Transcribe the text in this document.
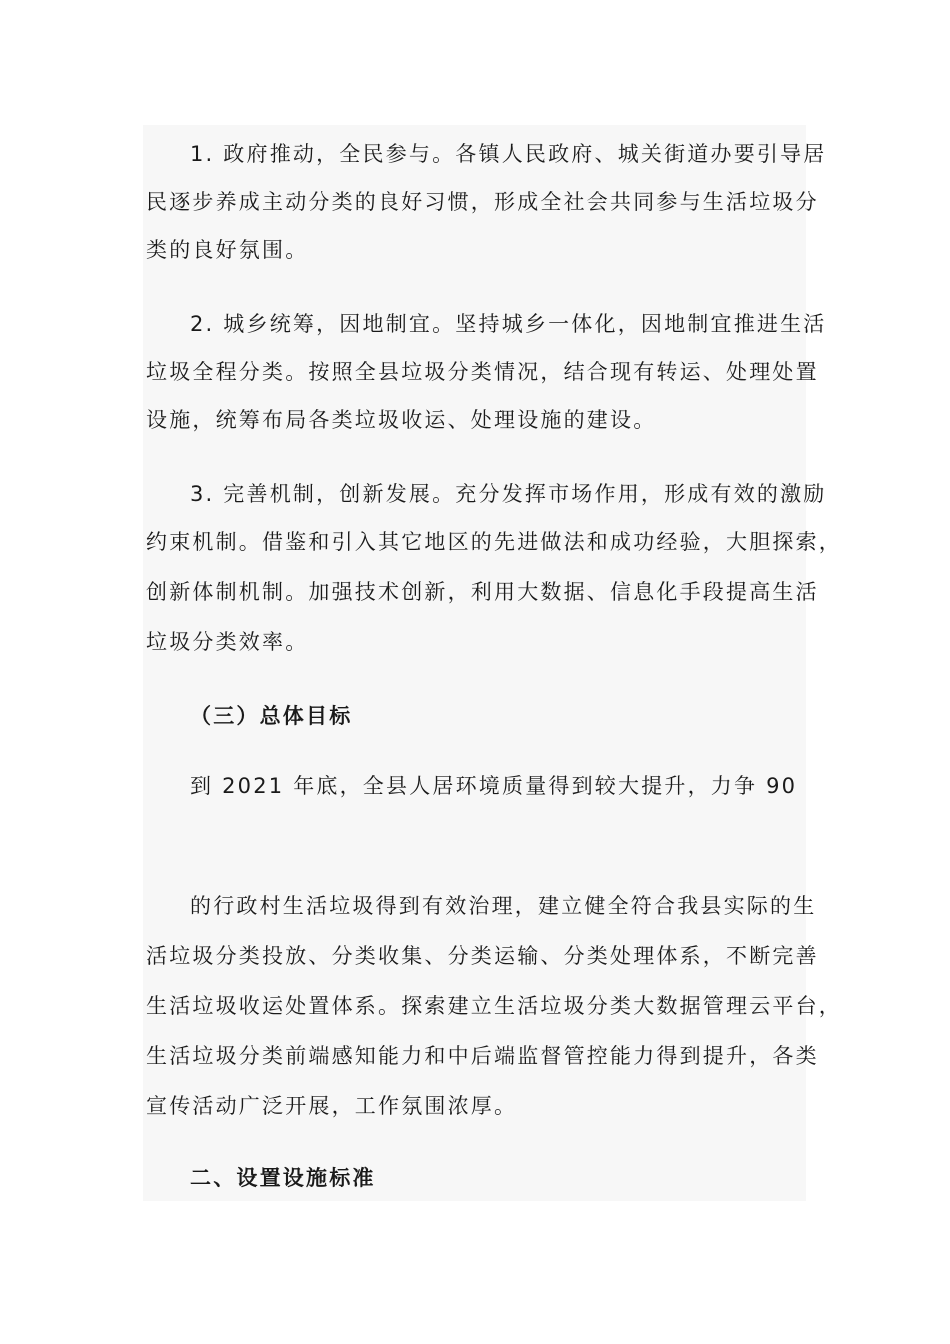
1. 政府推动，全民参与。各镇人民政府、城关街道办要引导居
民逐步养成主动分类的良好习惯，形成全社会共同参与生活垃圾分
类的良好氛围。
2. 城乡统筹，因地制宜。坚持城乡一体化，因地制宜推进生活
垃圾全程分类。按照全县垃圾分类情况，结合现有转运、处理处置
设施，统筹布局各类垃圾收运、处理设施的建设。
3. 完善机制，创新发展。充分发挥市场作用，形成有效的激励
约束机制。借鉴和引入其它地区的先进做法和成功经验，大胆探索，
创新体制机制。加强技术创新，利用大数据、信息化手段提高生活
垃圾分类效率。
（三）总体目标
到 2021 年底，全县人居环境质量得到较大提升，力争 90
的行政村生活垃圾得到有效治理，建立健全符合我县实际的生
活垃圾分类投放、分类收集、分类运输、分类处理体系，不断完善
生活垃圾收运处置体系。探索建立生活垃圾分类大数据管理云平台，
生活垃圾分类前端感知能力和中后端监督管控能力得到提升，各类
宣传活动广泛开展，工作氛围浓厚。
二、设置设施标准
